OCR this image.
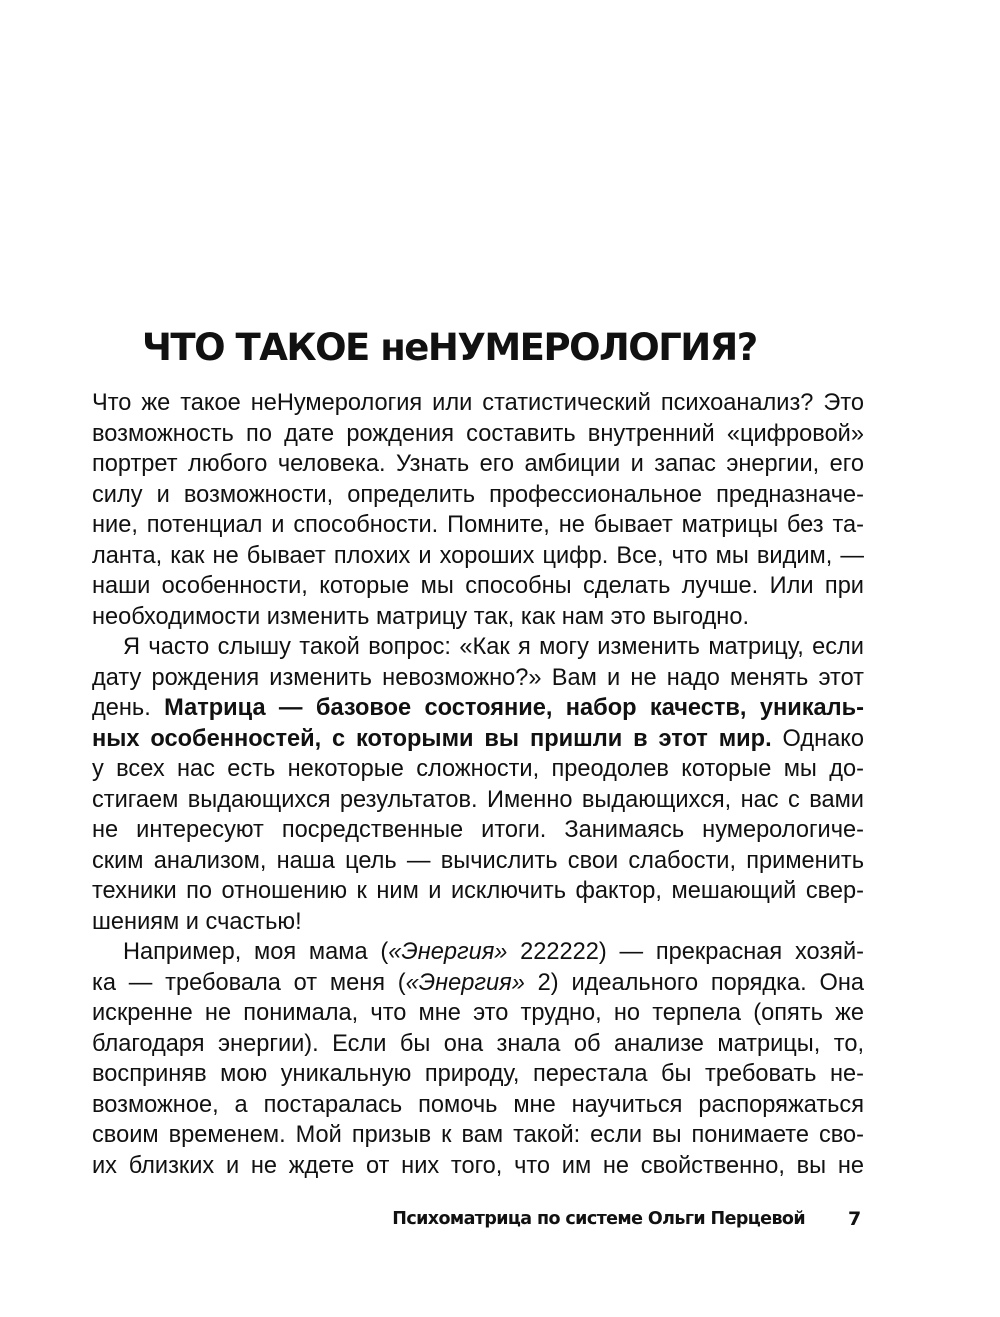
ЧТО ТАКОЕ неНУМЕРОЛОГИЯ?

Что же такое неНумерология или статистический психоанализ? Это
возможность по дате рождения составить внутренний «цифровой»
портрет любого человека. Узнать его амбиции и запас энергии, его
силу и возможности, определить профессиональное предназначе-
ние, потенциал и способности. Помните, не бывает матрицы без та-
ланта, как не бывает плохих и хороших цифр. Все, что мы видим, —
наши особенности, которые мы способны сделать лучше. Или при
необходимости изменить матрицу так, как нам это выгодно.

Я часто слышу такой вопрос: «Как я могу изменить матрицу, если
дату рождения изменить невозможно?» Вам и не надо менять этот
день. Матрица — базовое состояние, набор качеств, уникаль-
ных особенностей, с которыми вы пришли в этот мир. Однако
у всех нас есть некоторые сложности, преодолев которые мы до-
стигаем выдающихся результатов. Именно выдающихся, нас с вами
не интересуют посредственные итоги. Занимаясь нумерологиче-
ским анализом, наша цель — вычислить свои слабости, применить
техники по отношению к ним и исключить фактор, мешающий свер-
шениям и счастью!

Например, моя мама («Энергия» 222222) — прекрасная хозяй-
ка — требовала от меня («Энергия» 2) идеального порядка. Она
искренне не понимала, что мне это трудно, но терпела (опять же
благодаря энергии). Если бы она знала об анализе матрицы, то,
восприняв мою уникальную природу, перестала бы требовать не-
возможное, а постаралась помочь мне научиться распоряжаться
своим временем. Мой призыв к вам такой: если вы понимаете сво-
их близких и не ждете от них того, что им не свойственно, вы не

Психоматрица по системе Ольги Перцевой 7
